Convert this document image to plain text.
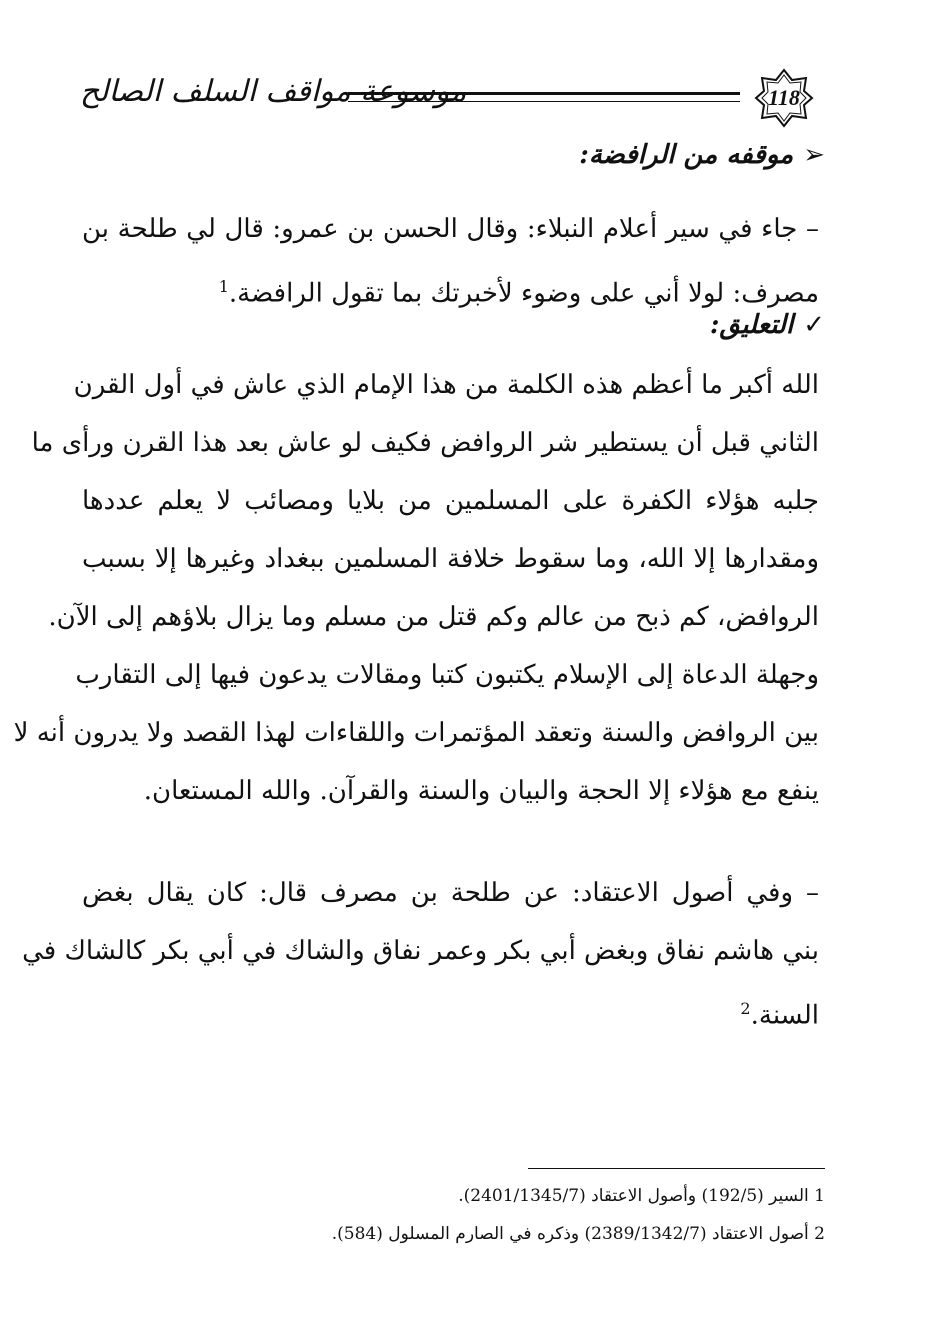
موسوعة مواقف السلف الصالح	118
➢موقفه من الرافضة:
– جاء في سير أعلام النبلاء: وقال الحسن بن عمرو: قال لي طلحة بن
مصرف: لولا أني على وضوء لأخبرتك بما تقول الرافضة.$^1$
✓التعليق:
الله أكبر ما أعظم هذه الكلمة من هذا الإمام الذي عاش في أول القرن
الثاني قبل أن يستطير شر الروافض فكيف لو عاش بعد هذا القرن ورأى ما
جلبه هؤلاء الكفرة على المسلمين من بلايا ومصائب لا يعلم عددها
ومقدارها إلا الله، وما سقوط خلافة المسلمين ببغداد وغيرها إلا بسبب
الروافض، كم ذبح من عالم وكم قتل من مسلم وما يزال بلاؤهم إلى الآن.
وجهلة الدعاة إلى الإسلام يكتبون كتبا ومقالات يدعون فيها إلى التقارب
بين الروافض والسنة وتعقد المؤتمرات واللقاءات لهذا القصد ولا يدرون أنه لا
ينفع مع هؤلاء إلا الحجة والبيان والسنة والقرآن. والله المستعان.
– وفي أصول الاعتقاد: عن طلحة بن مصرف قال: كان يقال بغض
بني هاشم نفاق وبغض أبي بكر وعمر نفاق والشاك في أبي بكر كالشاك في
السنة.$^2$
1 السير (192/5) وأصول الاعتقاد (2401/1345/7).
2 أصول الاعتقاد (2389/1342/7) وذكره في الصارم المسلول (584).
